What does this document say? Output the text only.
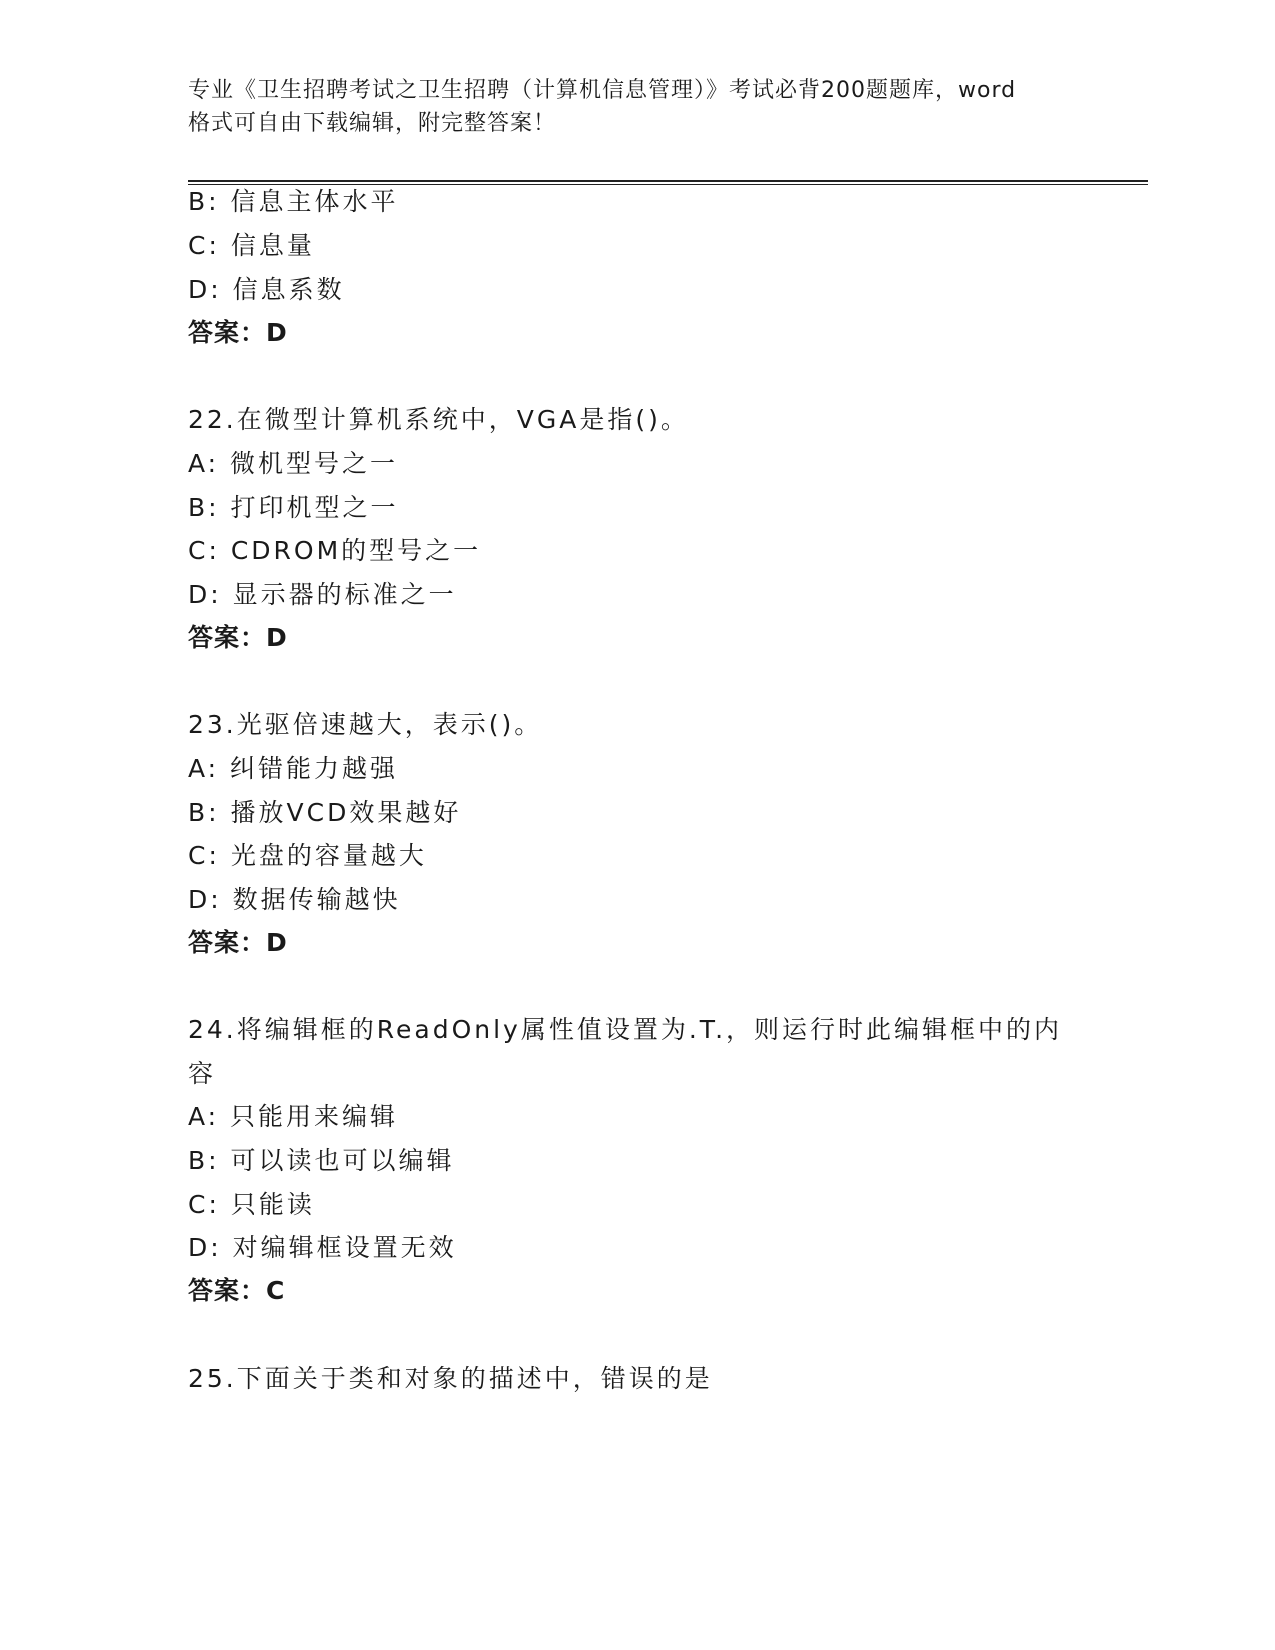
专业《卫生招聘考试之卫生招聘（计算机信息管理）》考试必背200题题库，word
格式可自由下载编辑，附完整答案！
B: 信息主体水平
C: 信息量
D: 信息系数
答案：D
22.在微型计算机系统中，VGA是指()。
A: 微机型号之一
B: 打印机型之一
C: CDROM的型号之一
D: 显示器的标准之一
答案：D
23.光驱倍速越大，表示()。
A: 纠错能力越强
B: 播放VCD效果越好
C: 光盘的容量越大
D: 数据传输越快
答案：D
24.将编辑框的ReadOnly属性值设置为.T.，则运行时此编辑框中的内
容
A: 只能用来编辑
B: 可以读也可以编辑
C: 只能读
D: 对编辑框设置无效
答案：C
25.下面关于类和对象的描述中，错误的是
